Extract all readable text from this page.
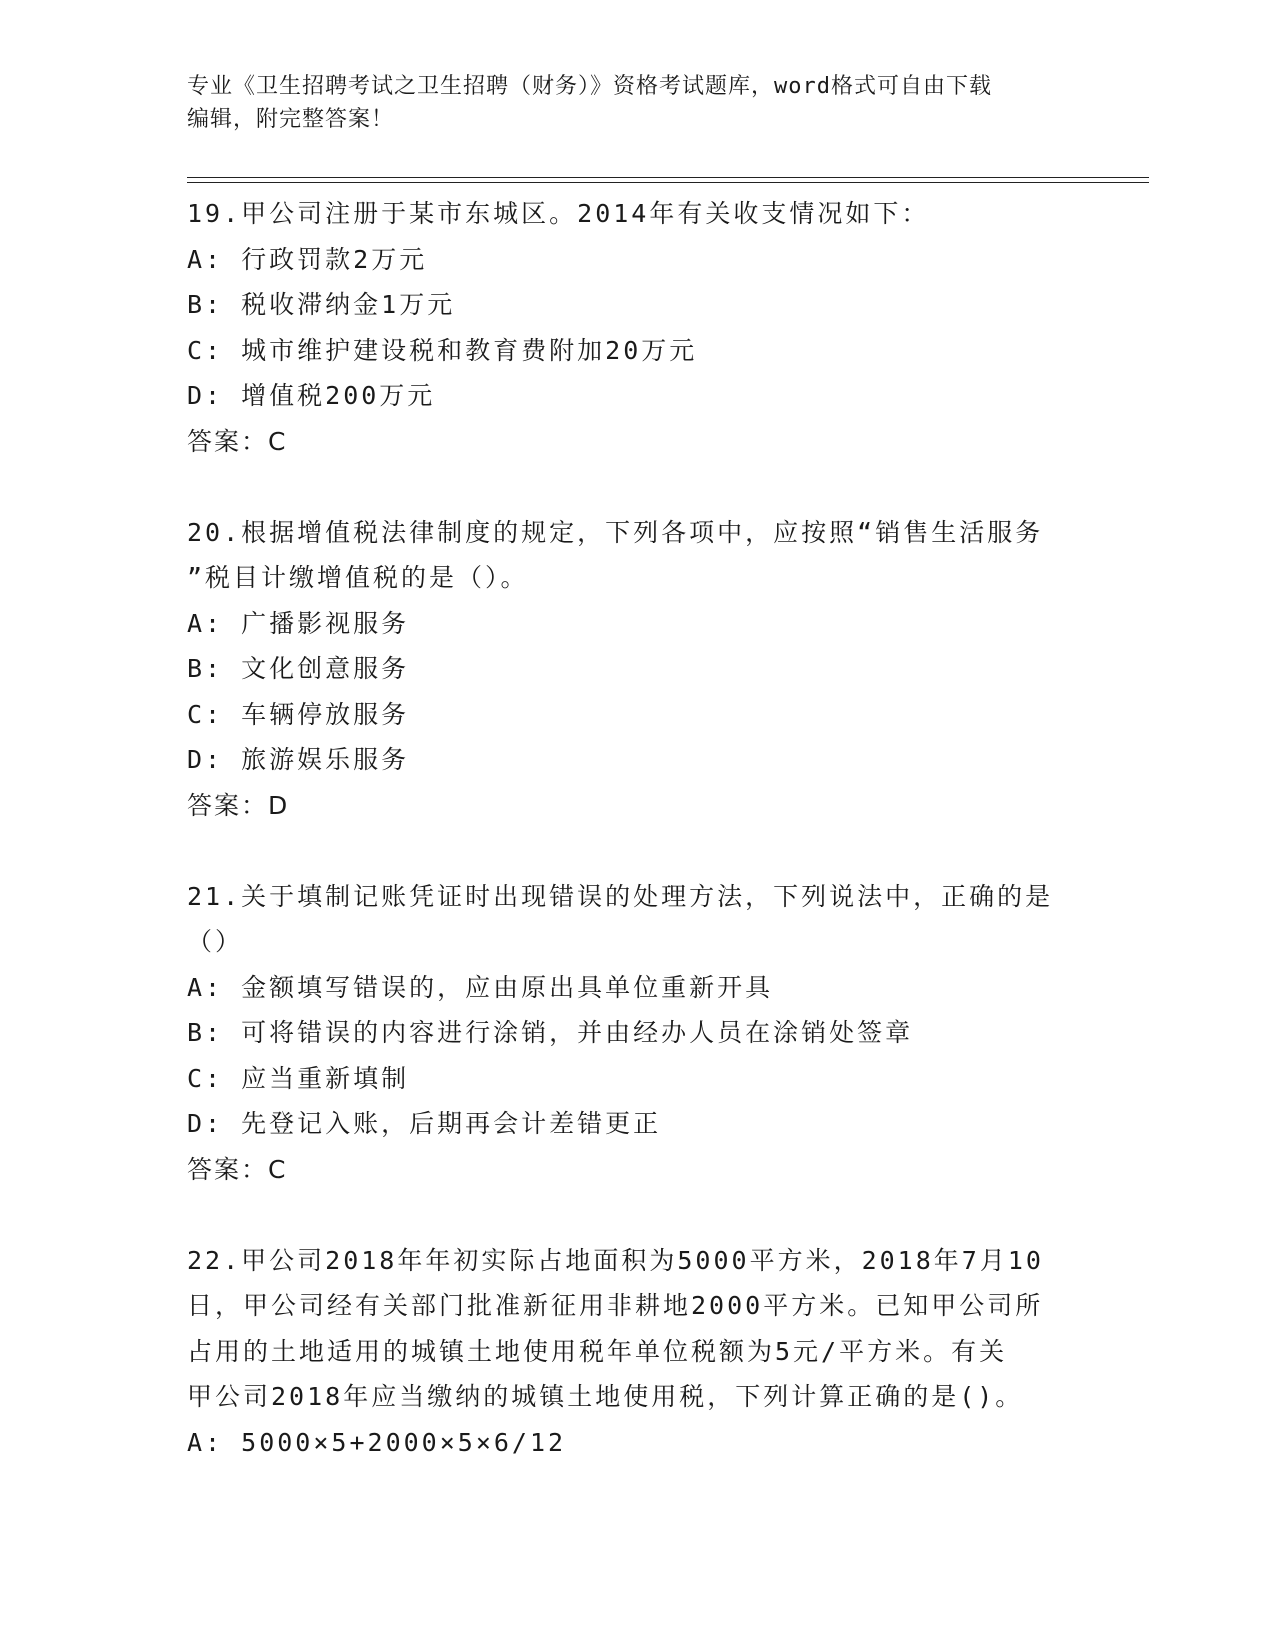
专业《卫生招聘考试之卫生招聘（财务）》资格考试题库，word格式可自由下载
编辑，附完整答案！
19.甲公司注册于某市东城区。2014年有关收支情况如下：
A: 行政罚款2万元
B: 税收滞纳金1万元
C: 城市维护建设税和教育费附加20万元
D: 增值税200万元
答案：C
20.根据增值税法律制度的规定，下列各项中，应按照“销售生活服务
”税目计缴增值税的是（）。
A: 广播影视服务
B: 文化创意服务
C: 车辆停放服务
D: 旅游娱乐服务
答案：D
21.关于填制记账凭证时出现错误的处理方法，下列说法中，正确的是
（）
A: 金额填写错误的，应由原出具单位重新开具
B: 可将错误的内容进行涂销，并由经办人员在涂销处签章
C: 应当重新填制
D: 先登记入账，后期再会计差错更正
答案：C
22.甲公司2018年年初实际占地面积为5000平方米，2018年7月10
日，甲公司经有关部门批准新征用非耕地2000平方米。已知甲公司所
占用的土地适用的城镇土地使用税年单位税额为5元/平方米。有关
甲公司2018年应当缴纳的城镇土地使用税，下列计算正确的是()。
A: 5000×5+2000×5×6/12
